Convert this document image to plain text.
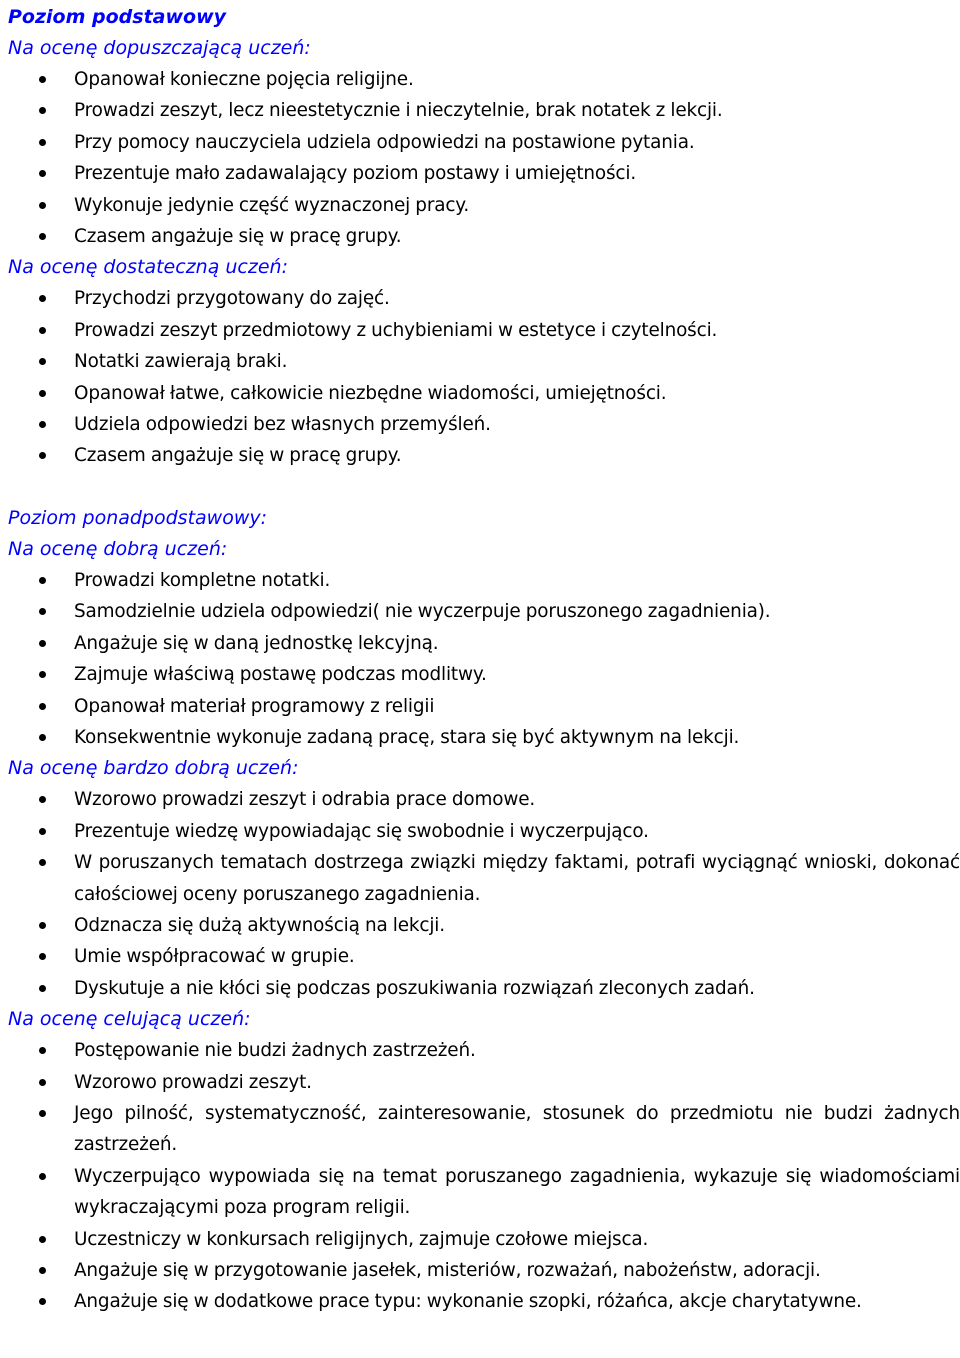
Poziom podstawowy
Na ocenę dopuszczającą uczeń:
Opanował konieczne pojęcia religijne.
Prowadzi zeszyt, lecz nieestetycznie i nieczytelnie, brak notatek z lekcji.
Przy pomocy nauczyciela udziela odpowiedzi na postawione pytania.
Prezentuje mało zadawalający poziom postawy i umiejętności.
Wykonuje jedynie część wyznaczonej pracy.
Czasem angażuje się w pracę grupy.
Na ocenę dostateczną uczeń:
Przychodzi przygotowany do zajęć.
Prowadzi zeszyt przedmiotowy z uchybieniami w estetyce i czytelności.
Notatki zawierają braki.
Opanował łatwe, całkowicie niezbędne wiadomości, umiejętności.
Udziela odpowiedzi bez własnych przemyśleń.
Czasem angażuje się w pracę grupy.
Poziom ponadpodstawowy:
Na ocenę dobrą uczeń:
Prowadzi kompletne notatki.
Samodzielnie udziela odpowiedzi( nie wyczerpuje poruszonego zagadnienia).
Angażuje się w daną jednostkę lekcyjną.
Zajmuje właściwą postawę podczas modlitwy.
Opanował materiał programowy z religii
Konsekwentnie wykonuje zadaną pracę, stara się być aktywnym na lekcji.
Na ocenę bardzo dobrą uczeń:
Wzorowo prowadzi zeszyt i odrabia prace domowe.
Prezentuje wiedzę wypowiadając się swobodnie i wyczerpująco.
W poruszanych tematach dostrzega związki między faktami, potrafi wyciągnąć wnioski, dokonać całościowej oceny poruszanego zagadnienia.
Odznacza się dużą aktywnością na lekcji.
Umie współpracować w grupie.
Dyskutuje a nie kłóci się podczas poszukiwania rozwiązań zleconych zadań.
Na ocenę celującą uczeń:
Postępowanie nie budzi żadnych zastrzeżeń.
Wzorowo prowadzi zeszyt.
Jego pilność, systematyczność, zainteresowanie, stosunek do przedmiotu nie budzi żadnych zastrzeżeń.
Wyczerpująco wypowiada się na temat poruszanego zagadnienia, wykazuje się wiadomościami wykraczającymi poza program religii.
Uczestniczy w konkursach religijnych, zajmuje czołowe miejsca.
Angażuje się w przygotowanie jasełek, misteriów, rozważań, nabożeństw, adoracji.
Angażuje się w dodatkowe prace typu: wykonanie szopki, różańca, akcje charytatywne.
